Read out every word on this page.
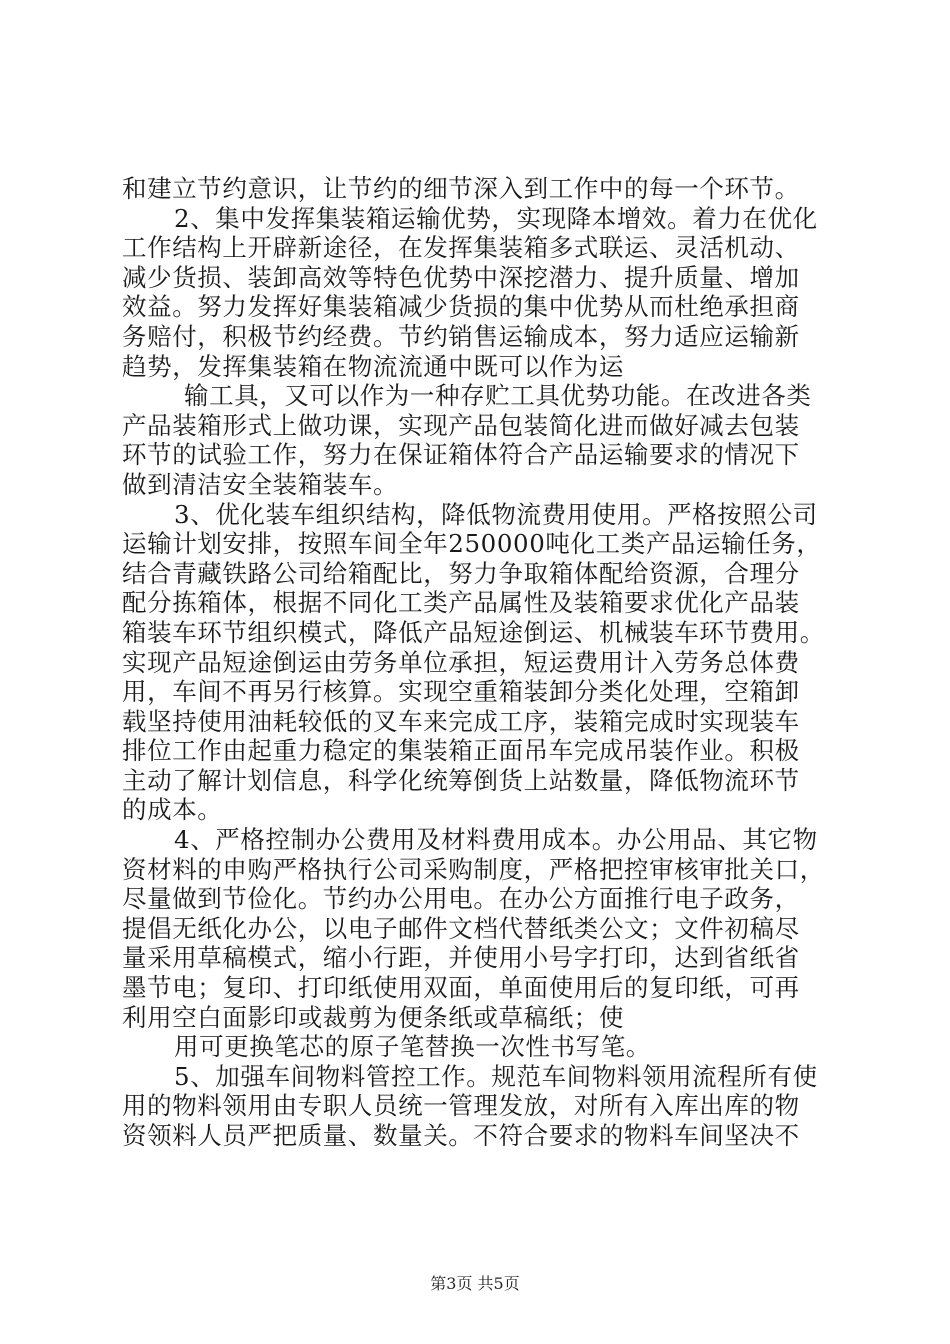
和建立节约意识，让节约的细节深入到工作中的每一个环节。
2、集中发挥集装箱运输优势，实现降本增效。着力在优化
工作结构上开辟新途径，在发挥集装箱多式联运、灵活机动、
减少货损、装卸高效等特色优势中深挖潜力、提升质量、增加
效益。努力发挥好集装箱减少货损的集中优势从而杜绝承担商
务赔付，积极节约经费。节约销售运输成本，努力适应运输新
趋势，发挥集装箱在物流流通中既可以作为运
输工具，又可以作为一种存贮工具优势功能。在改进各类
产品装箱形式上做功课，实现产品包装简化进而做好减去包装
环节的试验工作，努力在保证箱体符合产品运输要求的情况下
做到清洁安全装箱装车。
3、优化装车组织结构，降低物流费用使用。严格按照公司
运输计划安排，按照车间全年250000吨化工类产品运输任务，
结合青藏铁路公司给箱配比，努力争取箱体配给资源，合理分
配分拣箱体，根据不同化工类产品属性及装箱要求优化产品装
箱装车环节组织模式，降低产品短途倒运、机械装车环节费用。
实现产品短途倒运由劳务单位承担，短运费用计入劳务总体费
用，车间不再另行核算。实现空重箱装卸分类化处理，空箱卸
载坚持使用油耗较低的叉车来完成工序，装箱完成时实现装车
排位工作由起重力稳定的集装箱正面吊车完成吊装作业。积极
主动了解计划信息，科学化统筹倒货上站数量，降低物流环节
的成本。
4、严格控制办公费用及材料费用成本。办公用品、其它物
资材料的申购严格执行公司采购制度，严格把控审核审批关口，
尽量做到节俭化。节约办公用电。在办公方面推行电子政务，
提倡无纸化办公，以电子邮件文档代替纸类公文；文件初稿尽
量采用草稿模式，缩小行距，并使用小号字打印，达到省纸省
墨节电；复印、打印纸使用双面，单面使用后的复印纸，可再
利用空白面影印或裁剪为便条纸或草稿纸；使
用可更换笔芯的原子笔替换一次性书写笔。
5、加强车间物料管控工作。规范车间物料领用流程所有使
用的物料领用由专职人员统一管理发放，对所有入库出库的物
资领料人员严把质量、数量关。不符合要求的物料车间坚决不
第3页 共5页
